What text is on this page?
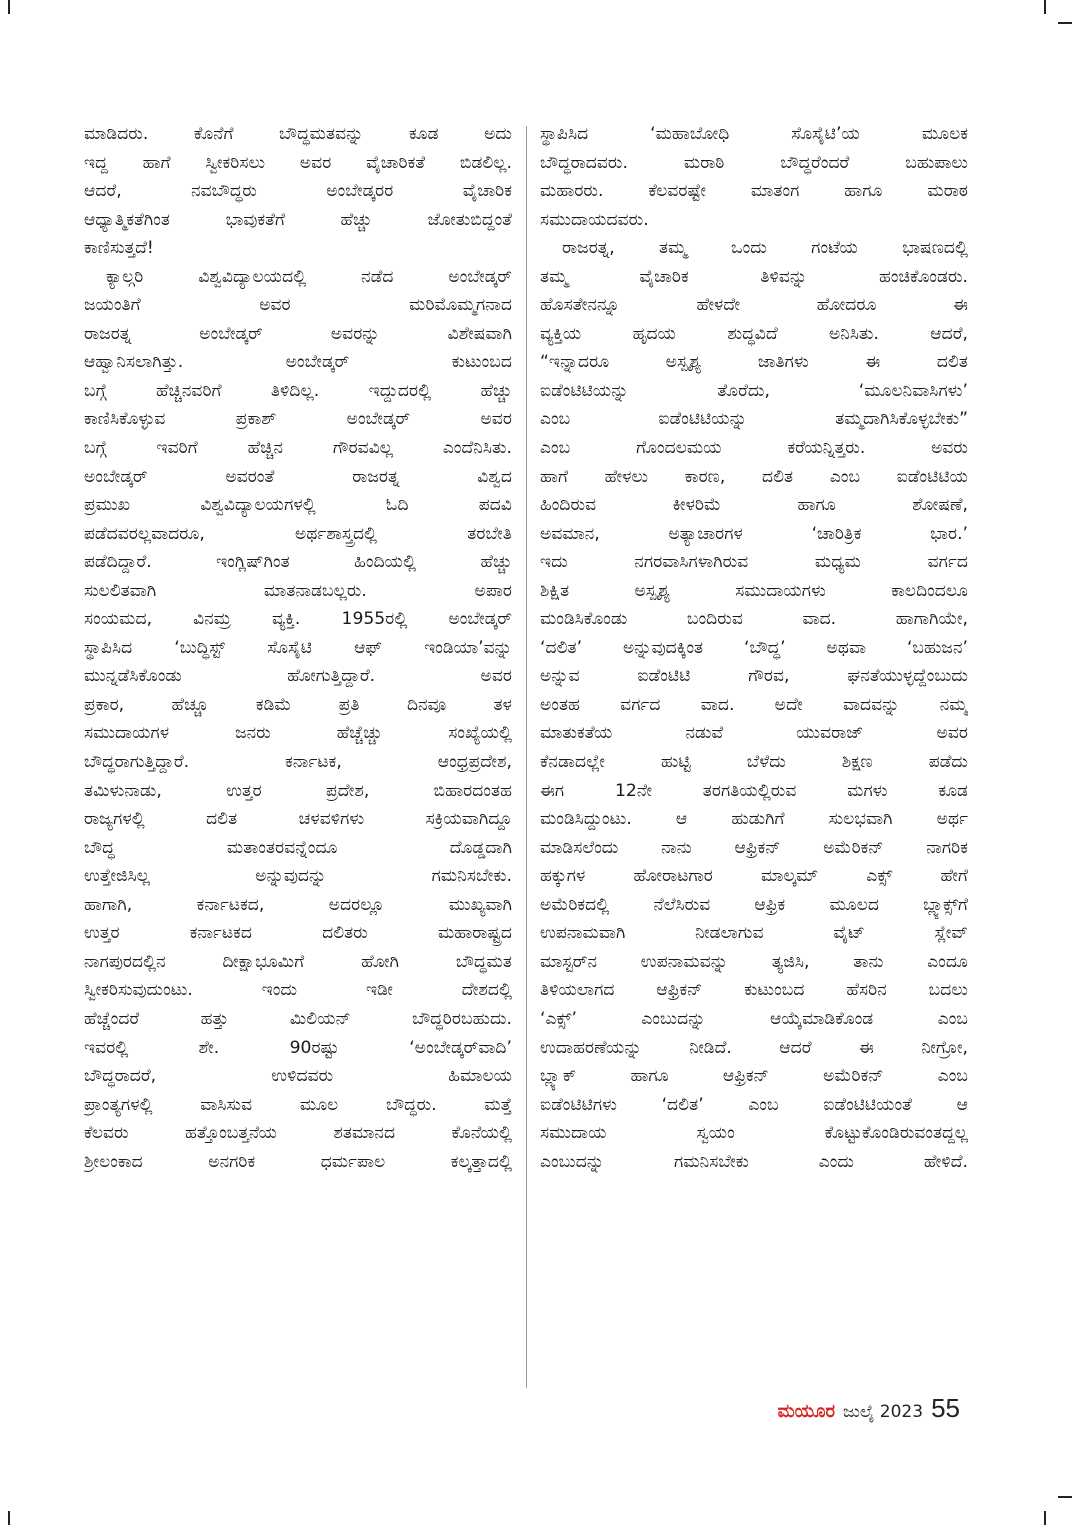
ಮಾಡಿದರು. ಕೊನೆಗೆ ಬೌದ್ಧಮತವನ್ನು ಕೂಡ ಅದು
ಇದ್ದ ಹಾಗೆ ಸ್ವೀಕರಿಸಲು ಅವರ ವೈಚಾರಿಕತೆ ಬಿಡಲಿಲ್ಲ.
ಆದರೆ, ನವಬೌದ್ಧರು ಅಂಬೇಡ್ಕರರ ವೈಚಾರಿಕ
ಆಧ್ಯಾತ್ಮಿಕತೆಗಿಂತ ಭಾವುಕತೆಗೆ ಹೆಚ್ಚು ಜೋತುಬಿದ್ದಂತೆ
ಕಾಣಿಸುತ್ತದೆ!
ಕ್ಯಾಲ್ಗರಿ ವಿಶ್ವವಿದ್ಯಾಲಯದಲ್ಲಿ ನಡೆದ ಅಂಬೇಡ್ಕರ್
ಜಯಂತಿಗೆ ಅವರ ಮರಿಮೊಮ್ಮಗನಾದ
ರಾಜರತ್ನ ಅಂಬೇಡ್ಕರ್ ಅವರನ್ನು ವಿಶೇಷವಾಗಿ
ಆಹ್ವಾನಿಸಲಾಗಿತ್ತು. ಅಂಬೇಡ್ಕರ್ ಕುಟುಂಬದ
ಬಗ್ಗೆ ಹೆಚ್ಚಿನವರಿಗೆ ತಿಳಿದಿಲ್ಲ. ಇದ್ದುದರಲ್ಲಿ ಹೆಚ್ಚು
ಕಾಣಿಸಿಕೊಳ್ಳುವ ಪ್ರಕಾಶ್ ಅಂಬೇಡ್ಕರ್ ಅವರ
ಬಗ್ಗೆ ಇವರಿಗೆ ಹೆಚ್ಚಿನ ಗೌರವವಿಲ್ಲ ಎಂದೆನಿಸಿತು.
ಅಂಬೇಡ್ಕರ್ ಅವರಂತೆ ರಾಜರತ್ನ ವಿಶ್ವದ
ಪ್ರಮುಖ ವಿಶ್ವವಿದ್ಯಾಲಯಗಳಲ್ಲಿ ಓದಿ ಪದವಿ
ಪಡೆದವರಲ್ಲವಾದರೂ, ಅರ್ಥಶಾಸ್ತ್ರದಲ್ಲಿ ತರಬೇತಿ
ಪಡೆದಿದ್ದಾರೆ. ಇಂಗ್ಲಿಷ್‌ಗಿಂತ ಹಿಂದಿಯಲ್ಲಿ ಹೆಚ್ಚು
ಸುಲಲಿತವಾಗಿ ಮಾತನಾಡಬಲ್ಲರು. ಅಪಾರ
ಸಂಯಮದ, ವಿನಮ್ರ ವ್ಯಕ್ತಿ. 1955ರಲ್ಲಿ ಅಂಬೇಡ್ಕರ್
ಸ್ಥಾಪಿಸಿದ ‘ಬುದ್ಧಿಸ್ಟ್ ಸೊಸೈಟಿ ಆಫ್ ಇಂಡಿಯಾ’ವನ್ನು
ಮುನ್ನಡೆಸಿಕೊಂಡು ಹೋಗುತ್ತಿದ್ದಾರೆ. ಅವರ
ಪ್ರಕಾರ, ಹೆಚ್ಚೂ ಕಡಿಮೆ ಪ್ರತಿ ದಿನವೂ ತಳ
ಸಮುದಾಯಗಳ ಜನರು ಹೆಚ್ಚೆಚ್ಚು ಸಂಖ್ಯೆಯಲ್ಲಿ
ಬೌದ್ಧರಾಗುತ್ತಿದ್ದಾರೆ. ಕರ್ನಾಟಕ, ಆಂಧ್ರಪ್ರದೇಶ,
ತಮಿಳುನಾಡು, ಉತ್ತರ ಪ್ರದೇಶ, ಬಿಹಾರದಂತಹ
ರಾಜ್ಯಗಳಲ್ಲಿ ದಲಿತ ಚಳವಳಿಗಳು ಸಕ್ರಿಯವಾಗಿದ್ದೂ
ಬೌದ್ಧ ಮತಾಂತರವನ್ನೆಂದೂ ದೊಡ್ಡದಾಗಿ
ಉತ್ತೇಜಿಸಿಲ್ಲ ಅನ್ನುವುದನ್ನು ಗಮನಿಸಬೇಕು.
ಹಾಗಾಗಿ, ಕರ್ನಾಟಕದ, ಅದರಲ್ಲೂ ಮುಖ್ಯವಾಗಿ
ಉತ್ತರ ಕರ್ನಾಟಕದ ದಲಿತರು ಮಹಾರಾಷ್ಟ್ರದ
ನಾಗಪುರದಲ್ಲಿನ ದೀಕ್ಷಾಭೂಮಿಗೆ ಹೋಗಿ ಬೌದ್ಧಮತ
ಸ್ವೀಕರಿಸುವುದುಂಟು. ಇಂದು ಇಡೀ ದೇಶದಲ್ಲಿ
ಹೆಚ್ಚೆಂದರೆ ಹತ್ತು ಮಿಲಿಯನ್ ಬೌದ್ಧರಿರಬಹುದು.
ಇವರಲ್ಲಿ ಶೇ. 90ರಷ್ಟು ‘ಅಂಬೇಡ್ಕರ್‌ವಾದಿ’
ಬೌದ್ಧರಾದರೆ, ಉಳಿದವರು ಹಿಮಾಲಯ
ಪ್ರಾಂತ್ಯಗಳಲ್ಲಿ ವಾಸಿಸುವ ಮೂಲ ಬೌದ್ಧರು. ಮತ್ತೆ
ಕೆಲವರು ಹತ್ತೊಂಬತ್ತನೆಯ ಶತಮಾನದ ಕೊನೆಯಲ್ಲಿ
ಶ್ರೀಲಂಕಾದ ಅನಗರಿಕ ಧರ್ಮಪಾಲ ಕಲ್ಕತ್ತಾದಲ್ಲಿ
ಸ್ಥಾಪಿಸಿದ ‘ಮಹಾಬೋಧಿ ಸೊಸೈಟಿ’ಯ ಮೂಲಕ
ಬೌದ್ಧರಾದವರು. ಮರಾಠಿ ಬೌದ್ಧರೆಂದರೆ ಬಹುಪಾಲು
ಮಹಾರರು. ಕೆಲವರಷ್ಟೇ ಮಾತಂಗ ಹಾಗೂ ಮರಾಠ
ಸಮುದಾಯದವರು.
ರಾಜರತ್ನ, ತಮ್ಮ ಒಂದು ಗಂಟೆಯ ಭಾಷಣದಲ್ಲಿ
ತಮ್ಮ ವೈಚಾರಿಕ ತಿಳಿವನ್ನು ಹಂಚಿಕೊಂಡರು.
ಹೊಸತೇನನ್ನೂ ಹೇಳದೇ ಹೋದರೂ ಈ
ವ್ಯಕ್ತಿಯ ಹೃದಯ ಶುದ್ಧವಿದೆ ಅನಿಸಿತು. ಆದರೆ,
“ಇನ್ನಾದರೂ ಅಸ್ಪೃಶ್ಯ ಜಾತಿಗಳು ಈ ದಲಿತ
ಐಡೆಂಟಿಟಿಯನ್ನು ತೊರೆದು, ‘ಮೂಲನಿವಾಸಿಗಳು’
ಎಂಬ ಐಡೆಂಟಿಟಿಯನ್ನು ತಮ್ಮದಾಗಿಸಿಕೊಳ್ಳಬೇಕು”
ಎಂಬ ಗೊಂದಲಮಯ ಕರೆಯನ್ನಿತ್ತರು. ಅವರು
ಹಾಗೆ ಹೇಳಲು ಕಾರಣ, ದಲಿತ ಎಂಬ ಐಡೆಂಟಿಟಿಯ
ಹಿಂದಿರುವ ಕೀಳರಿಮೆ ಹಾಗೂ ಶೋಷಣೆ,
ಅವಮಾನ, ಅತ್ಯಾಚಾರಗಳ ‘ಚಾರಿತ್ರಿಕ ಭಾರ.’
ಇದು ನಗರವಾಸಿಗಳಾಗಿರುವ ಮಧ್ಯಮ ವರ್ಗದ
ಶಿಕ್ಷಿತ ಅಸ್ಪೃಶ್ಯ ಸಮುದಾಯಗಳು ಕಾಲದಿಂದಲೂ
ಮಂಡಿಸಿಕೊಂಡು ಬಂದಿರುವ ವಾದ. ಹಾಗಾಗಿಯೇ,
‘ದಲಿತ’ ಅನ್ನುವುದಕ್ಕಿಂತ ‘ಬೌದ್ಧ’ ಅಥವಾ ‘ಬಹುಜನ’
ಅನ್ನುವ ಐಡೆಂಟಿಟಿ ಗೌರವ, ಘನತೆಯುಳ್ಳದ್ದೆಂಬುದು
ಅಂತಹ ವರ್ಗದ ವಾದ. ಅದೇ ವಾದವನ್ನು ನಮ್ಮ
ಮಾತುಕತೆಯ ನಡುವೆ ಯುವರಾಜ್ ಅವರ
ಕೆನಡಾದಲ್ಲೇ ಹುಟ್ಟಿ ಬೆಳೆದು ಶಿಕ್ಷಣ ಪಡೆದು
ಈಗ 12ನೇ ತರಗತಿಯಲ್ಲಿರುವ ಮಗಳು ಕೂಡ
ಮಂಡಿಸಿದ್ದುಂಟು. ಆ ಹುಡುಗಿಗೆ ಸುಲಭವಾಗಿ ಅರ್ಥ
ಮಾಡಿಸಲೆಂದು ನಾನು ಆಫ್ರಿಕನ್ ಅಮೆರಿಕನ್ ನಾಗರಿಕ
ಹಕ್ಕುಗಳ ಹೋರಾಟಗಾರ ಮಾಲ್ಕಮ್ ಎಕ್ಸ್ ಹೇಗೆ
ಅಮೆರಿಕದಲ್ಲಿ ನೆಲೆಸಿರುವ ಆಫ್ರಿಕ ಮೂಲದ ಬ್ಲ್ಯಾಕ್ಸ್‌ಗೆ
ಉಪನಾಮವಾಗಿ ನೀಡಲಾಗುವ ವೈಟ್ ಸ್ಲೇವ್
ಮಾಸ್ಟರ್‌ನ ಉಪನಾಮವನ್ನು ತ್ಯಜಿಸಿ, ತಾನು ಎಂದೂ
ತಿಳಿಯಲಾಗದ ಆಫ್ರಿಕನ್ ಕುಟುಂಬದ ಹೆಸರಿನ ಬದಲು
‘ಎಕ್ಸ್’ ಎಂಬುದನ್ನು ಆಯ್ಕೆಮಾಡಿಕೊಂಡ ಎಂಬ
ಉದಾಹರಣೆಯನ್ನು ನೀಡಿದೆ. ಆದರೆ ಈ ನೀಗ್ರೋ,
ಬ್ಲ್ಯಾಕ್ ಹಾಗೂ ಆಫ್ರಿಕನ್ ಅಮೆರಿಕನ್ ಎಂಬ
ಐಡೆಂಟಿಟಿಗಳು ‘ದಲಿತ’ ಎಂಬ ಐಡೆಂಟಿಟಿಯಂತೆ ಆ
ಸಮುದಾಯ ಸ್ವಯಂ ಕೊಟ್ಟುಕೊಂಡಿರುವಂತದ್ದಲ್ಲ
ಎಂಬುದನ್ನು ಗಮನಿಸಬೇಕು ಎಂದು ಹೇಳಿದೆ.
ಮಯೂರ ಜುಲೈ 2023 55
